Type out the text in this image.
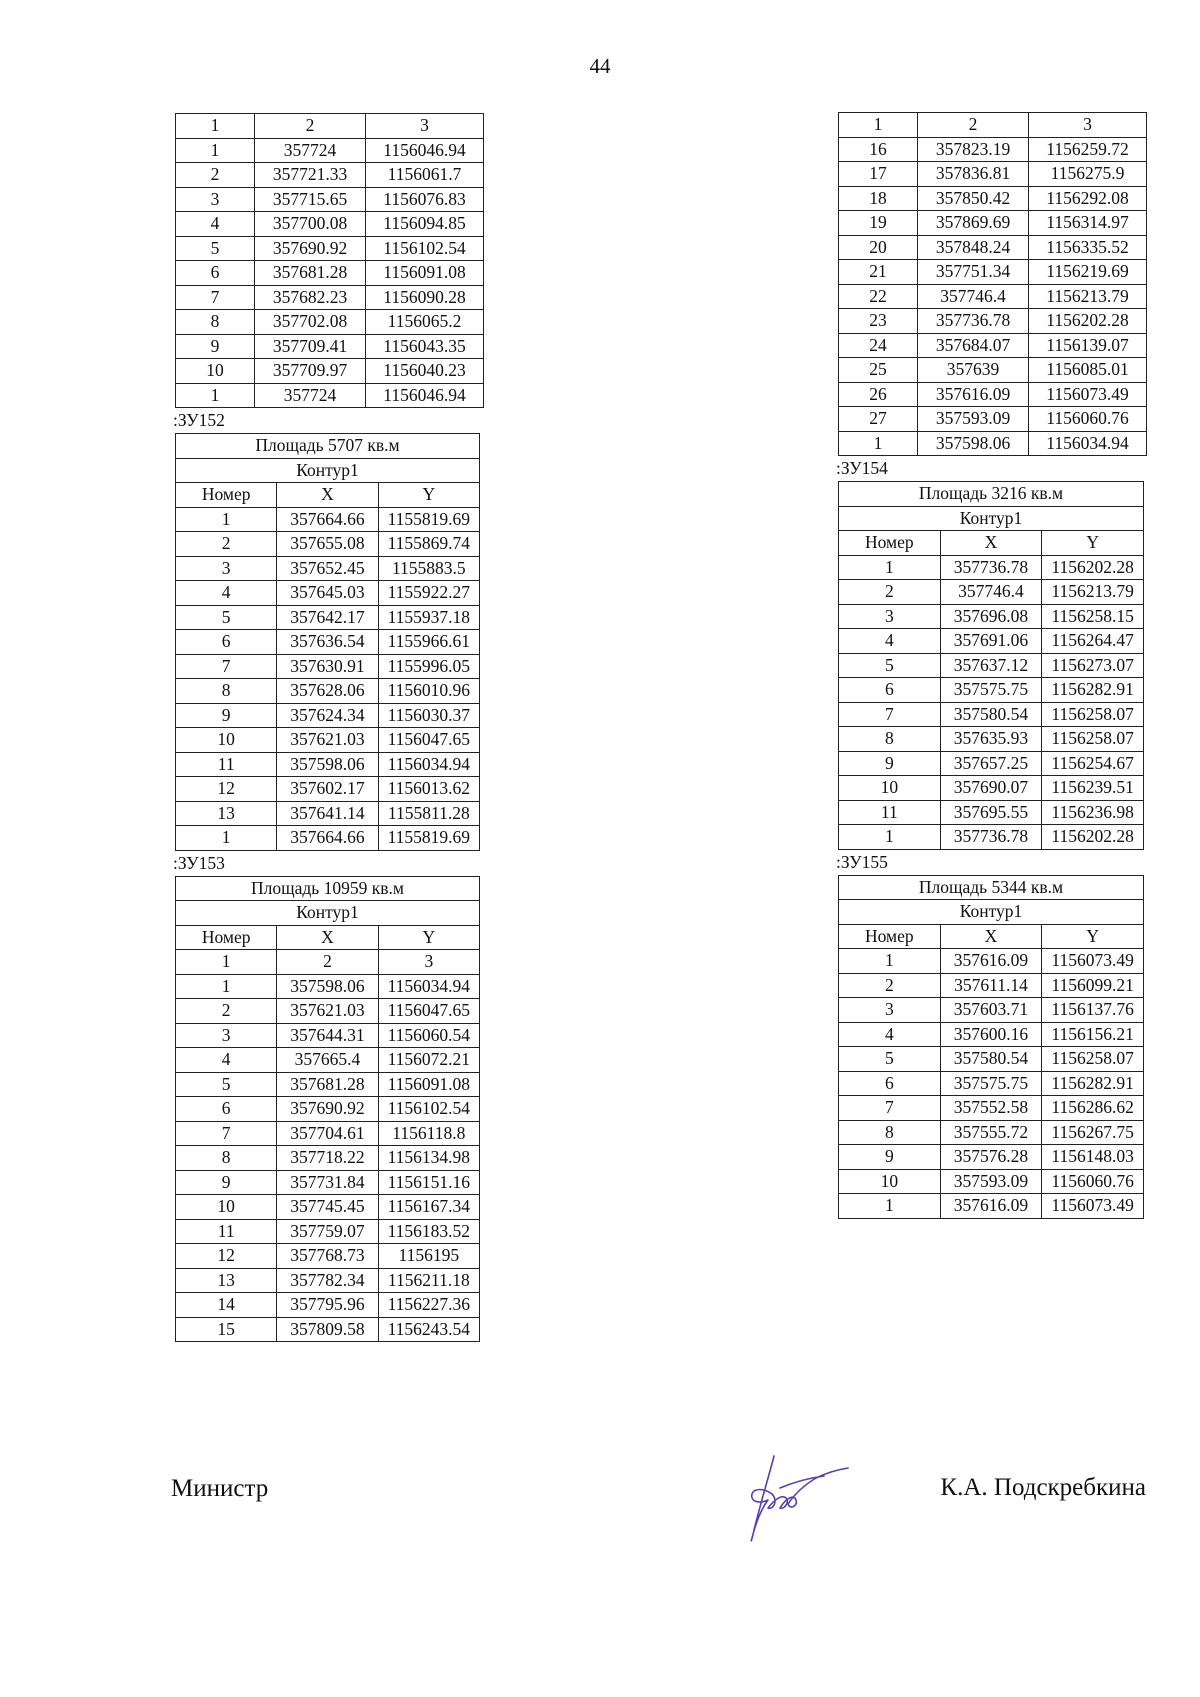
44
1	2	3
1	357724	1156046.94
2	357721.33	1156061.7
3	357715.65	1156076.83
4	357700.08	1156094.85
5	357690.92	1156102.54
6	357681.28	1156091.08
7	357682.23	1156090.28
8	357702.08	1156065.2
9	357709.41	1156043.35
10	357709.97	1156040.23
1	357724	1156046.94
:ЗУ152
Площадь 5707 кв.м		
Контур1		
Номер	X	Y
1	357664.66	1155819.69
2	357655.08	1155869.74
3	357652.45	1155883.5
4	357645.03	1155922.27
5	357642.17	1155937.18
6	357636.54	1155966.61
7	357630.91	1155996.05
8	357628.06	1156010.96
9	357624.34	1156030.37
10	357621.03	1156047.65
11	357598.06	1156034.94
12	357602.17	1156013.62
13	357641.14	1155811.28
1	357664.66	1155819.69
:ЗУ153
Площадь 10959 кв.м		
Контур1		
Номер	X	Y
1	2	3
1	357598.06	1156034.94
2	357621.03	1156047.65
3	357644.31	1156060.54
4	357665.4	1156072.21
5	357681.28	1156091.08
6	357690.92	1156102.54
7	357704.61	1156118.8
8	357718.22	1156134.98
9	357731.84	1156151.16
10	357745.45	1156167.34
11	357759.07	1156183.52
12	357768.73	1156195
13	357782.34	1156211.18
14	357795.96	1156227.36
15	357809.58	1156243.54
1	2	3
16	357823.19	1156259.72
17	357836.81	1156275.9
18	357850.42	1156292.08
19	357869.69	1156314.97
20	357848.24	1156335.52
21	357751.34	1156219.69
22	357746.4	1156213.79
23	357736.78	1156202.28
24	357684.07	1156139.07
25	357639	1156085.01
26	357616.09	1156073.49
27	357593.09	1156060.76
1	357598.06	1156034.94
:ЗУ154
Площадь 3216 кв.м		
Контур1		
Номер	X	Y
1	357736.78	1156202.28
2	357746.4	1156213.79
3	357696.08	1156258.15
4	357691.06	1156264.47
5	357637.12	1156273.07
6	357575.75	1156282.91
7	357580.54	1156258.07
8	357635.93	1156258.07
9	357657.25	1156254.67
10	357690.07	1156239.51
11	357695.55	1156236.98
1	357736.78	1156202.28
:ЗУ155
Площадь 5344 кв.м		
Контур1		
Номер	X	Y
1	357616.09	1156073.49
2	357611.14	1156099.21
3	357603.71	1156137.76
4	357600.16	1156156.21
5	357580.54	1156258.07
6	357575.75	1156282.91
7	357552.58	1156286.62
8	357555.72	1156267.75
9	357576.28	1156148.03
10	357593.09	1156060.76
1	357616.09	1156073.49
Министр	К.А. Подскребкина
